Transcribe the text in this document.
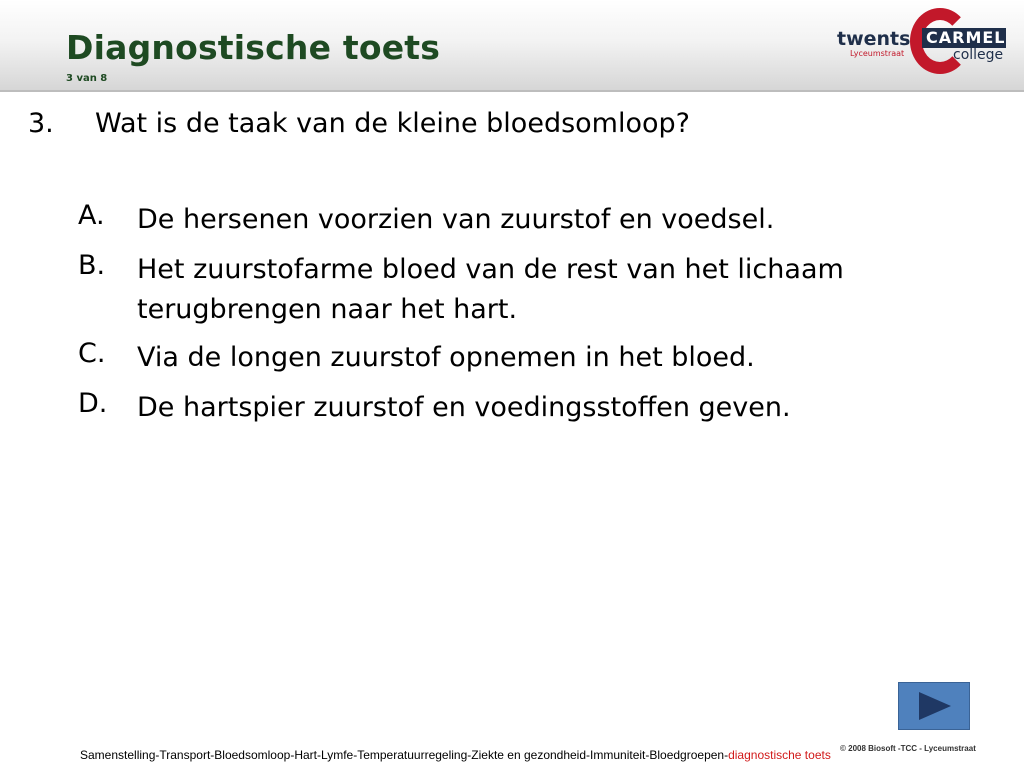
Diagnostische toets
3 van 8
twents
Lyceumstraat
CARMEL
college
3. Wat is de taak van de kleine bloedsomloop?
A. De hersenen voorzien van zuurstof en voedsel.
B. Het zuurstofarme bloed van de rest van het lichaam terugbrengen naar het hart.
C. Via de longen zuurstof opnemen in het bloed.
D. De hartspier zuurstof en voedingsstoffen geven.
Samenstelling-Transport-Bloedsomloop-Hart-Lymfe-Temperatuurregeling-Ziekte en gezondheid-Immuniteit-Bloedgroepen-diagnostische toets © 2008 Biosoft -TCC - Lyceumstraat
